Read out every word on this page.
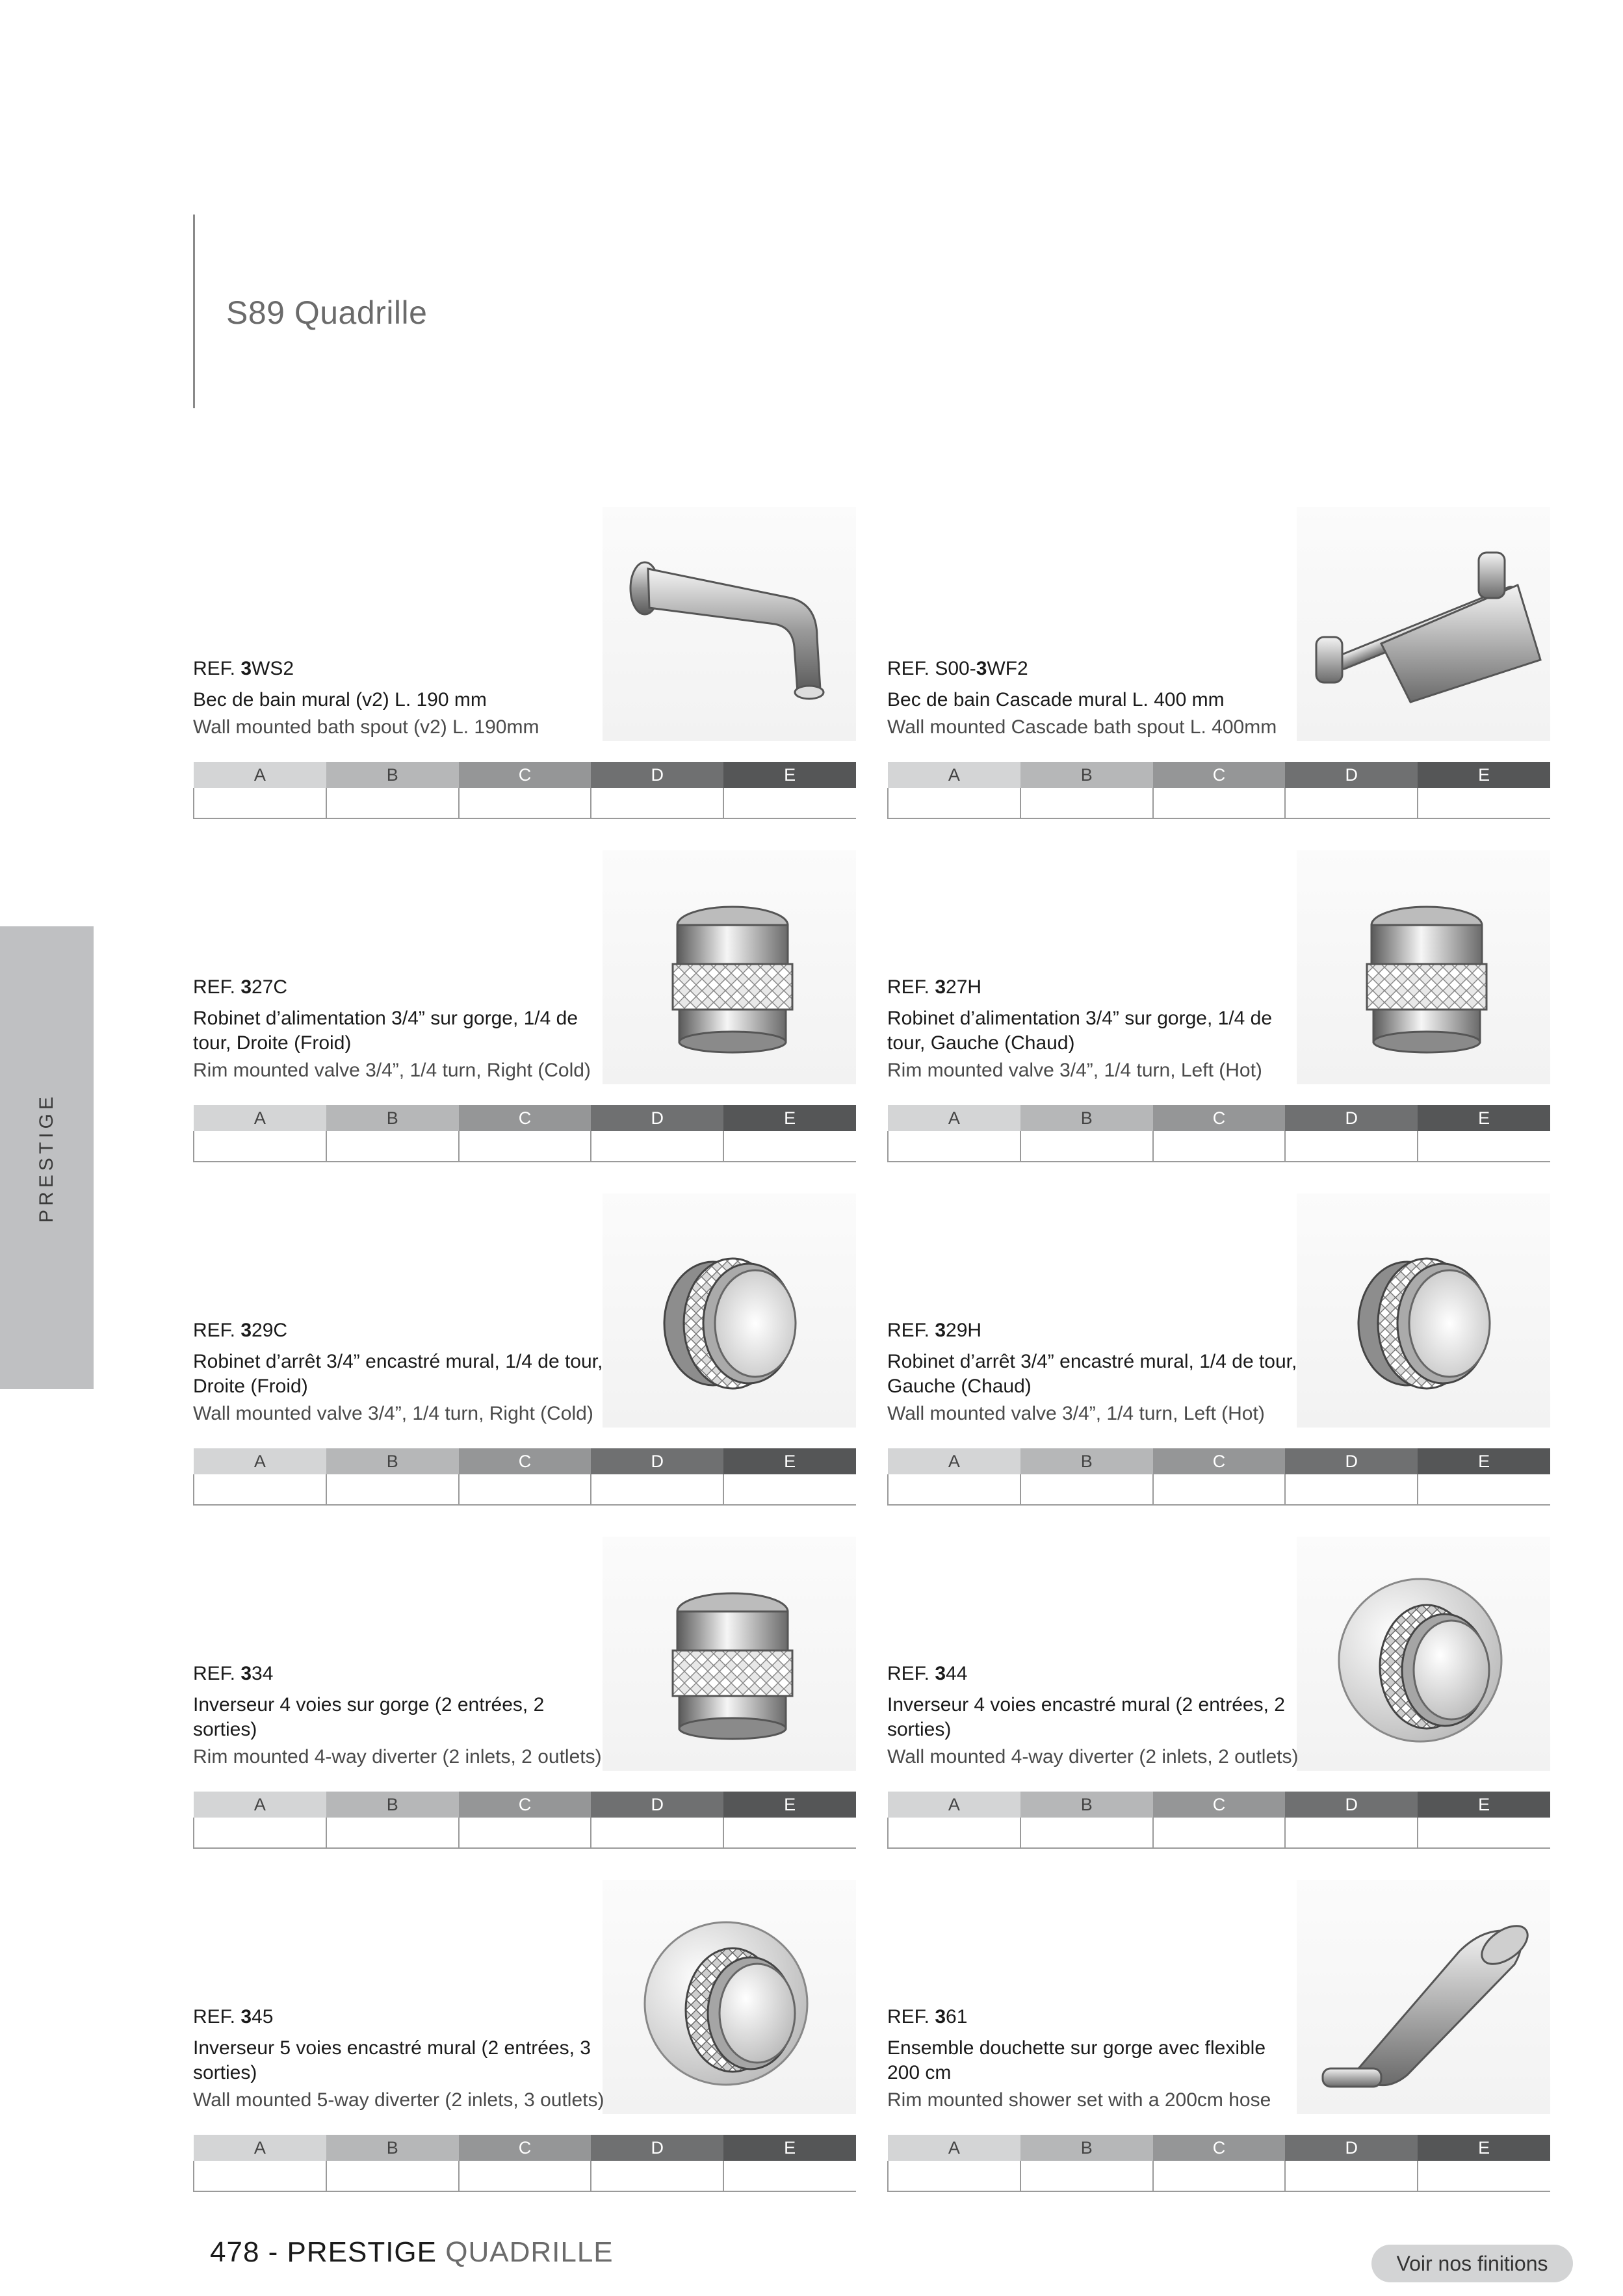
S89 Quadrille
PRESTIGE
REF. 3WS2
Bec de bain mural (v2) L. 190 mm
Wall mounted bath spout (v2) L. 190mm
A	B	C	D	E

REF. S00-3WF2
Bec de bain Cascade mural L. 400 mm
Wall mounted Cascade bath spout L. 400mm
A	B	C	D	E

REF. 327C
Robinet d’alimentation 3/4” sur gorge, 1/4 de tour, Droite (Froid)
Rim mounted valve 3/4”, 1/4 turn, Right (Cold)
A	B	C	D	E

REF. 327H
Robinet d’alimentation 3/4” sur gorge, 1/4 de tour, Gauche (Chaud)
Rim mounted valve 3/4”, 1/4 turn, Left (Hot)
A	B	C	D	E

REF. 329C
Robinet d’arrêt 3/4” encastré mural, 1/4 de tour, Droite (Froid)
Wall mounted valve 3/4”, 1/4 turn, Right (Cold)
A	B	C	D	E

REF. 329H
Robinet d’arrêt 3/4” encastré mural, 1/4 de tour, Gauche (Chaud)
Wall mounted valve 3/4”, 1/4 turn, Left (Hot)
A	B	C	D	E

REF. 334
Inverseur 4 voies sur gorge (2 entrées, 2 sorties)
Rim mounted 4-way diverter (2 inlets, 2 outlets)
A	B	C	D	E

REF. 344
Inverseur 4 voies encastré mural (2 entrées, 2 sorties)
Wall mounted 4-way diverter (2 inlets, 2 outlets)
A	B	C	D	E

REF. 345
Inverseur 5 voies encastré mural (2 entrées, 3 sorties)
Wall mounted 5-way diverter (2 inlets, 3 outlets)
A	B	C	D	E

REF. 361
Ensemble douchette sur gorge avec flexible 200 cm
Rim mounted shower set with a 200cm hose
A	B	C	D	E

478 - PRESTIGE QUADRILLE	Voir nos finitions
